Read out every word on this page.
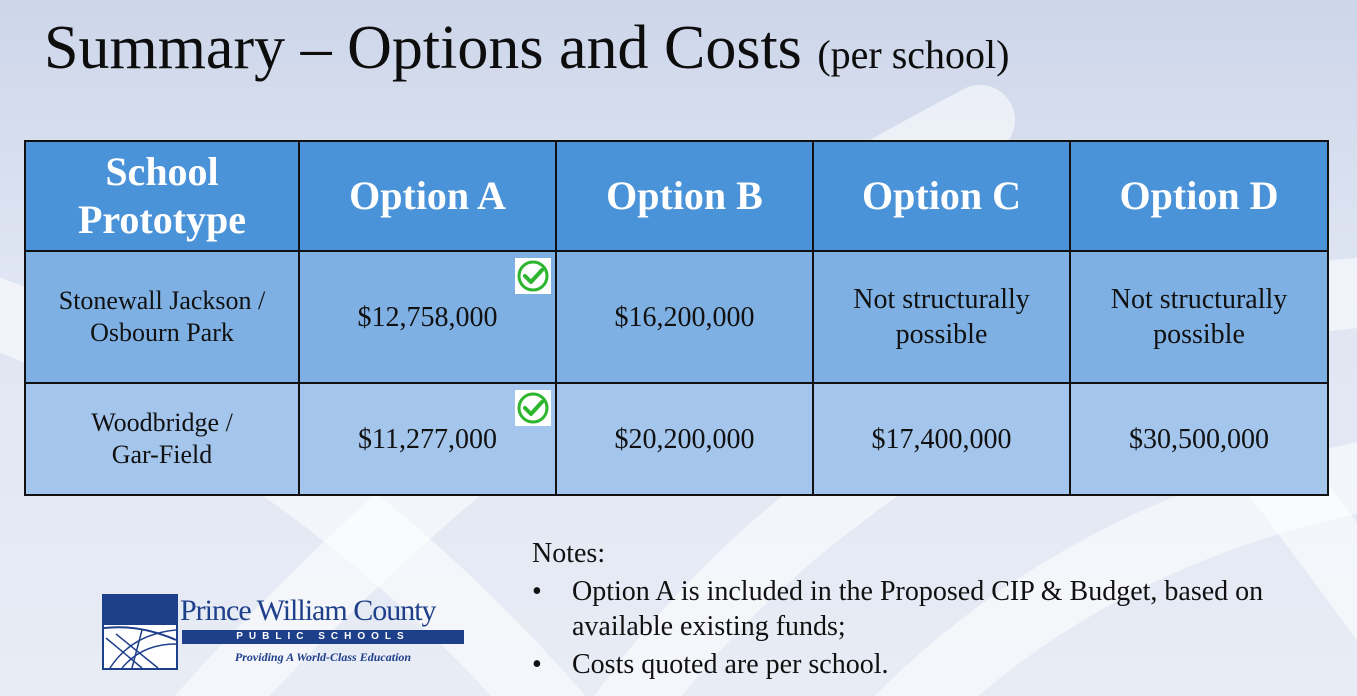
Summary – Options and Costs (per school)
School Prototype	Option A	Option B	Option C	Option D
Stonewall Jackson / Osbourn Park	$12,758,000	$16,200,000	Not structurally possible	Not structurally possible
Woodbridge / Gar-Field	$11,277,000	$20,200,000	$17,400,000	$30,500,000
Prince William County
PUBLIC SCHOOLS
Providing A World-Class Education
Notes:
• Option A is included in the Proposed CIP & Budget, based on available existing funds;
• Costs quoted are per school.
